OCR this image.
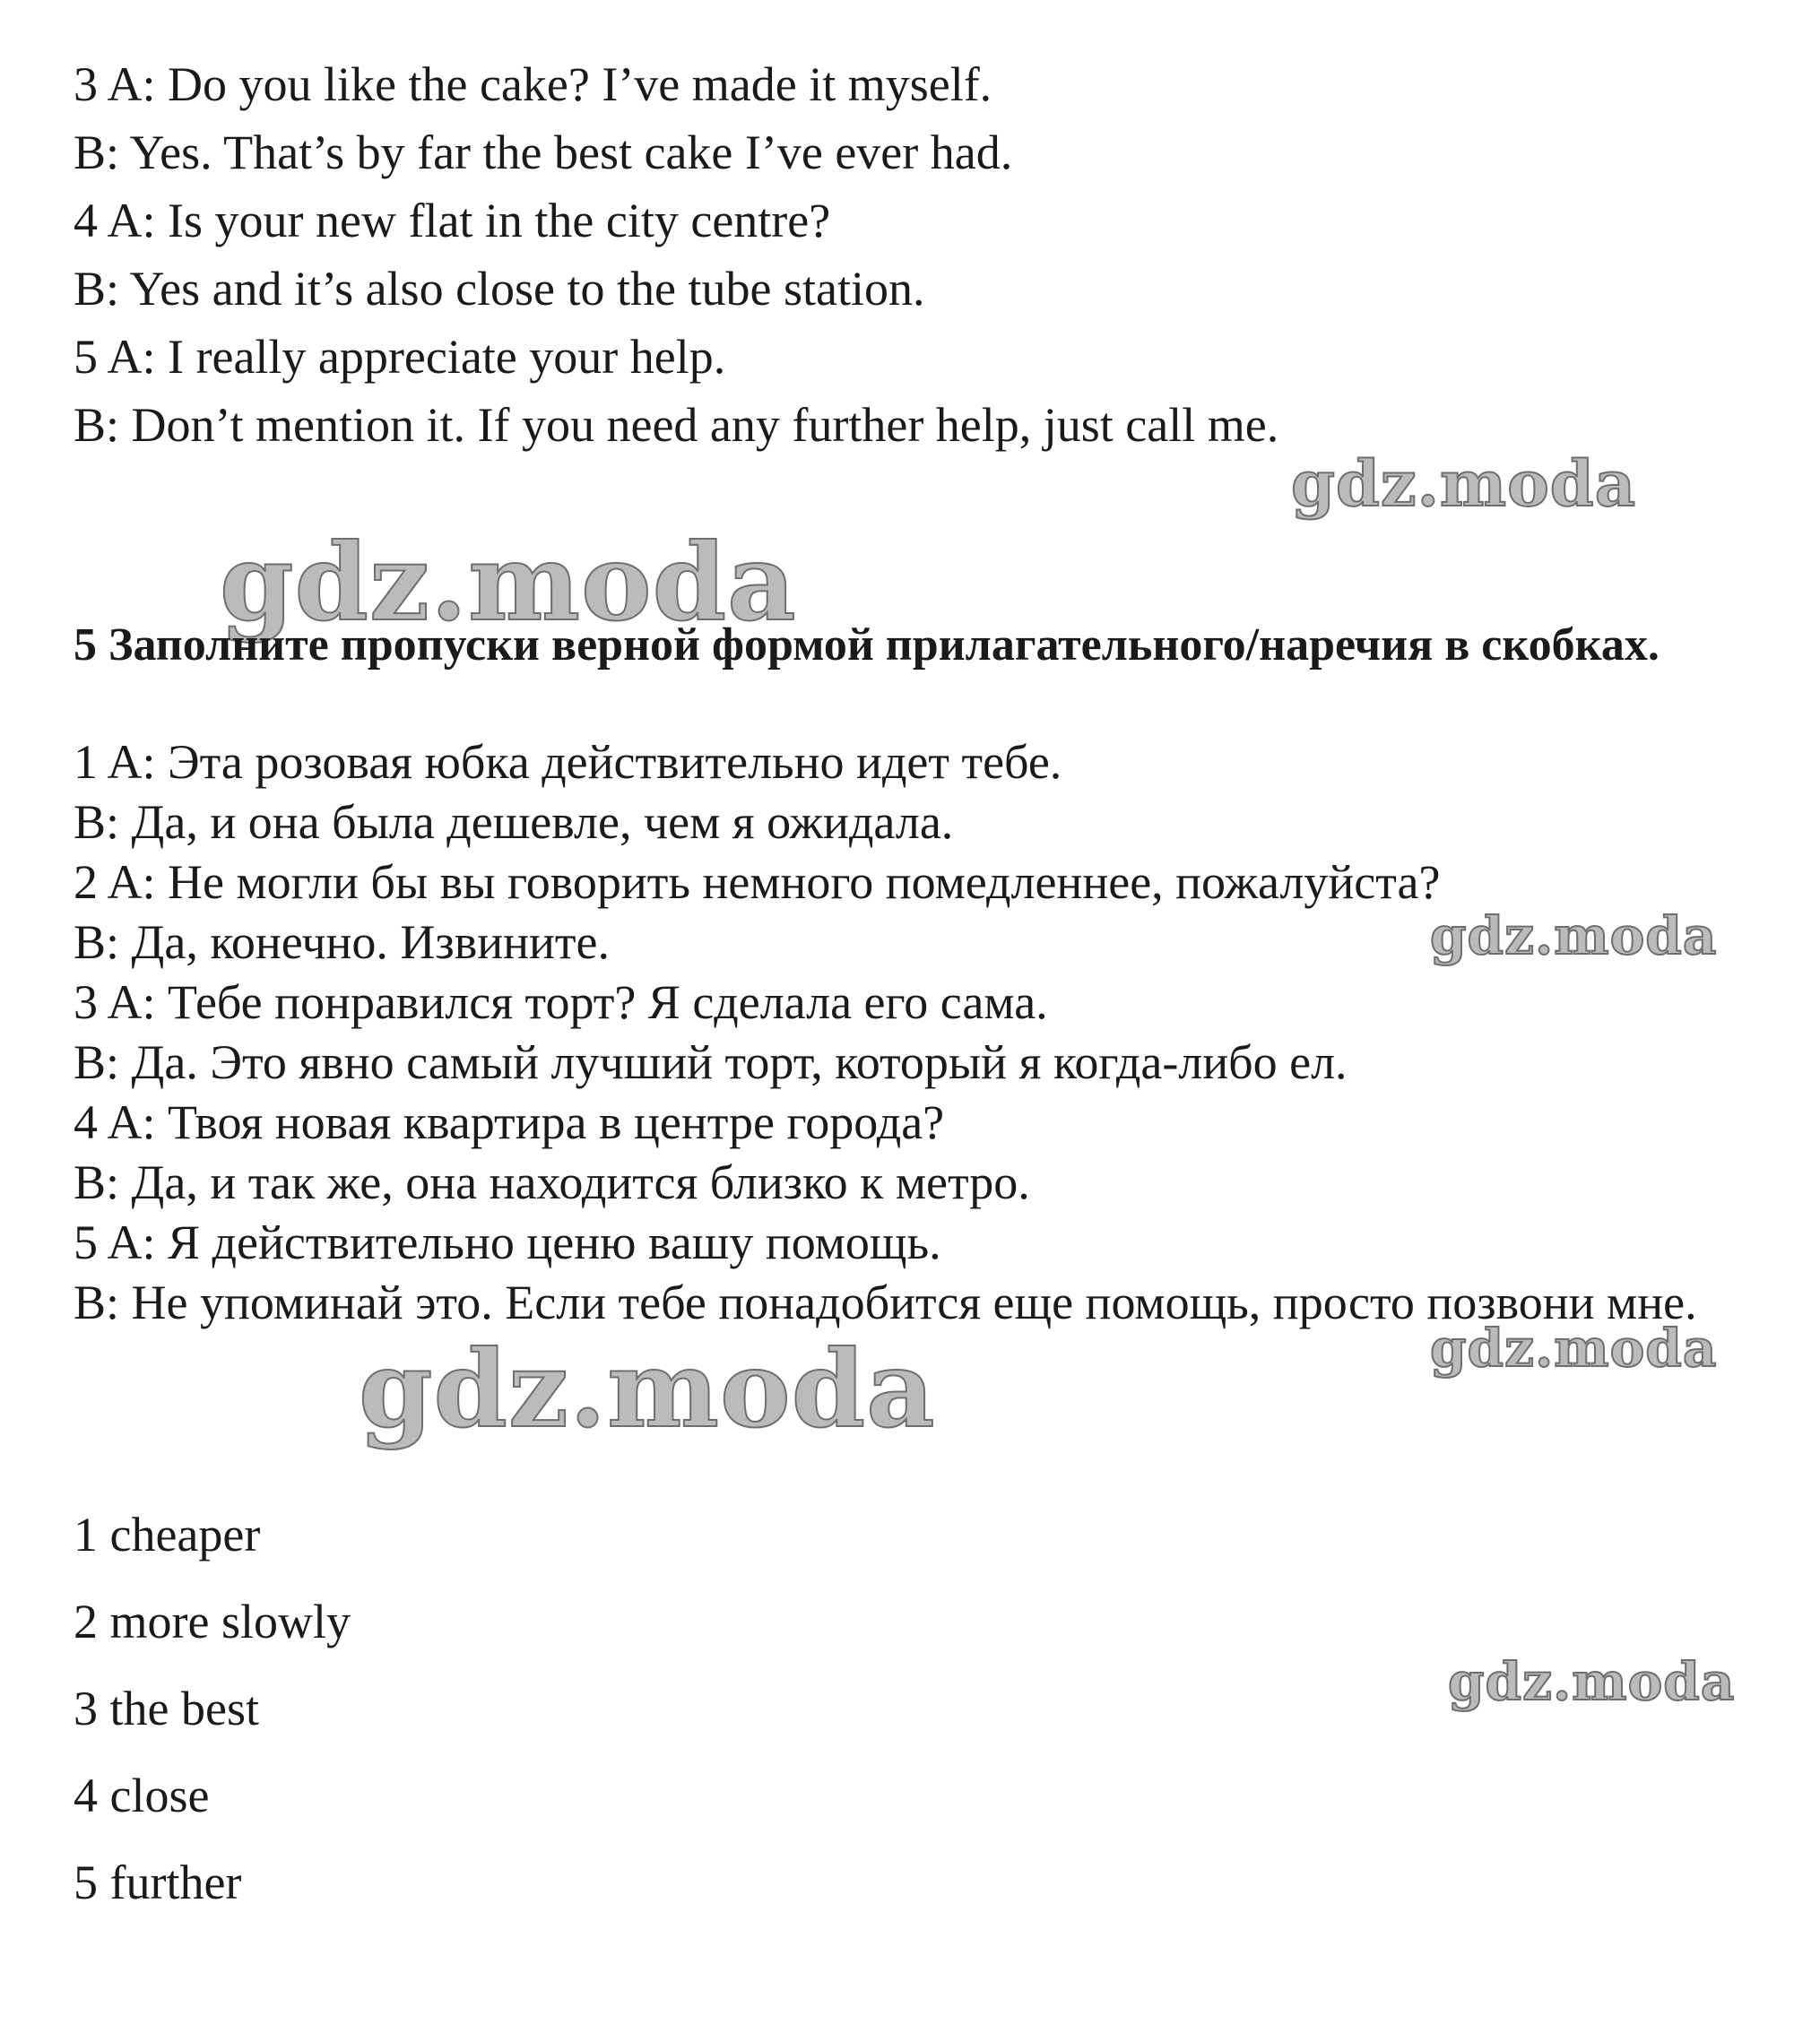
3 A: Do you like the cake? I’ve made it myself.
B: Yes. That’s by far the best cake I’ve ever had.
4 A: Is your new flat in the city centre?
B: Yes and it’s also close to the tube station.
5 A: I really appreciate your help.
B: Don’t mention it. If you need any further help, just call me.
gdz.moda
gdz.moda
5 Заполните пропуски верной формой прилагательного/наречия в скобках.
1 A: Эта розовая юбка действительно идет тебе.
B: Да, и она была дешевле, чем я ожидала.
2 A: Не могли бы вы говорить немного помедленнее, пожалуйста?
B: Да, конечно. Извините.
3 A: Тебе понравился торт? Я сделала его сама.
B: Да. Это явно самый лучший торт, который я когда-либо ел.
4 A: Твоя новая квартира в центре города?
B: Да, и так же, она находится близко к метро.
5 A: Я действительно ценю вашу помощь.
B: Не упоминай это. Если тебе понадобится еще помощь, просто позвони мне.
gdz.moda
gdz.moda
gdz.moda
1 cheaper
2 more slowly
3 the best
4 close
5 further
gdz.moda
